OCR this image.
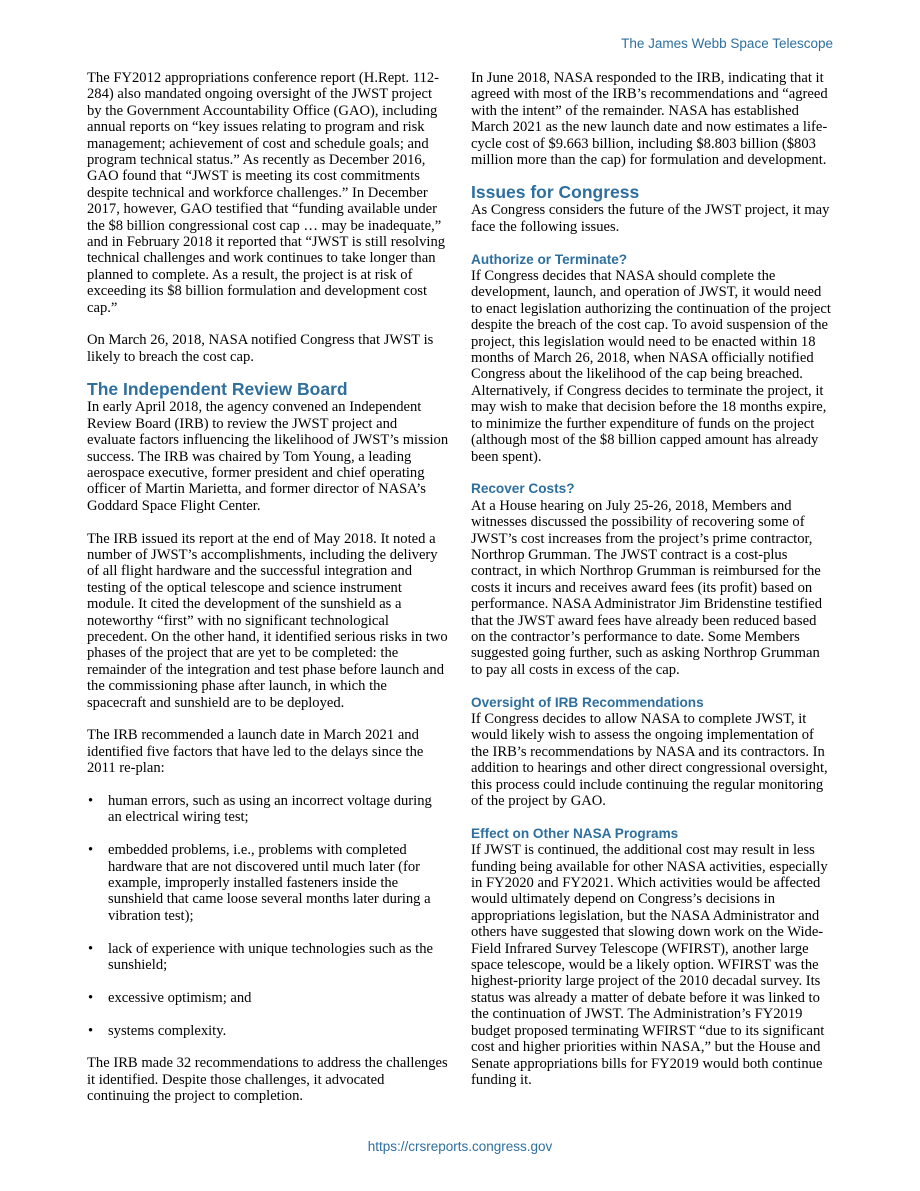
The James Webb Space Telescope

The FY2012 appropriations conference report (H.Rept. 112-284) also mandated ongoing oversight of the JWST project by the Government Accountability Office (GAO), including annual reports on “key issues relating to program and risk management; achievement of cost and schedule goals; and program technical status.” As recently as December 2016, GAO found that “JWST is meeting its cost commitments despite technical and workforce challenges.” In December 2017, however, GAO testified that “funding available under the $8 billion congressional cost cap … may be inadequate,” and in February 2018 it reported that “JWST is still resolving technical challenges and work continues to take longer than planned to complete. As a result, the project is at risk of exceeding its $8 billion formulation and development cost cap.”

On March 26, 2018, NASA notified Congress that JWST is likely to breach the cost cap.

The Independent Review Board

In early April 2018, the agency convened an Independent Review Board (IRB) to review the JWST project and evaluate factors influencing the likelihood of JWST’s mission success. The IRB was chaired by Tom Young, a leading aerospace executive, former president and chief operating officer of Martin Marietta, and former director of NASA’s Goddard Space Flight Center.

The IRB issued its report at the end of May 2018. It noted a number of JWST’s accomplishments, including the delivery of all flight hardware and the successful integration and testing of the optical telescope and science instrument module. It cited the development of the sunshield as a noteworthy “first” with no significant technological precedent. On the other hand, it identified serious risks in two phases of the project that are yet to be completed: the remainder of the integration and test phase before launch and the commissioning phase after launch, in which the spacecraft and sunshield are to be deployed.

The IRB recommended a launch date in March 2021 and identified five factors that have led to the delays since the 2011 re-plan:

• human errors, such as using an incorrect voltage during an electrical wiring test;
• embedded problems, i.e., problems with completed hardware that are not discovered until much later (for example, improperly installed fasteners inside the sunshield that came loose several months later during a vibration test);
• lack of experience with unique technologies such as the sunshield;
• excessive optimism; and
• systems complexity.

The IRB made 32 recommendations to address the challenges it identified. Despite those challenges, it advocated continuing the project to completion.

In June 2018, NASA responded to the IRB, indicating that it agreed with most of the IRB’s recommendations and “agreed with the intent” of the remainder. NASA has established March 2021 as the new launch date and now estimates a life-cycle cost of $9.663 billion, including $8.803 billion ($803 million more than the cap) for formulation and development.

Issues for Congress

As Congress considers the future of the JWST project, it may face the following issues.

Authorize or Terminate?

If Congress decides that NASA should complete the development, launch, and operation of JWST, it would need to enact legislation authorizing the continuation of the project despite the breach of the cost cap. To avoid suspension of the project, this legislation would need to be enacted within 18 months of March 26, 2018, when NASA officially notified Congress about the likelihood of the cap being breached. Alternatively, if Congress decides to terminate the project, it may wish to make that decision before the 18 months expire, to minimize the further expenditure of funds on the project (although most of the $8 billion capped amount has already been spent).

Recover Costs?

At a House hearing on July 25-26, 2018, Members and witnesses discussed the possibility of recovering some of JWST’s cost increases from the project’s prime contractor, Northrop Grumman. The JWST contract is a cost-plus contract, in which Northrop Grumman is reimbursed for the costs it incurs and receives award fees (its profit) based on performance. NASA Administrator Jim Bridenstine testified that the JWST award fees have already been reduced based on the contractor’s performance to date. Some Members suggested going further, such as asking Northrop Grumman to pay all costs in excess of the cap.

Oversight of IRB Recommendations

If Congress decides to allow NASA to complete JWST, it would likely wish to assess the ongoing implementation of the IRB’s recommendations by NASA and its contractors. In addition to hearings and other direct congressional oversight, this process could include continuing the regular monitoring of the project by GAO.

Effect on Other NASA Programs

If JWST is continued, the additional cost may result in less funding being available for other NASA activities, especially in FY2020 and FY2021. Which activities would be affected would ultimately depend on Congress’s decisions in appropriations legislation, but the NASA Administrator and others have suggested that slowing down work on the Wide-Field Infrared Survey Telescope (WFIRST), another large space telescope, would be a likely option. WFIRST was the highest-priority large project of the 2010 decadal survey. Its status was already a matter of debate before it was linked to the continuation of JWST. The Administration’s FY2019 budget proposed terminating WFIRST “due to its significant cost and higher priorities within NASA,” but the House and Senate appropriations bills for FY2019 would both continue funding it.

https://crsreports.congress.gov
